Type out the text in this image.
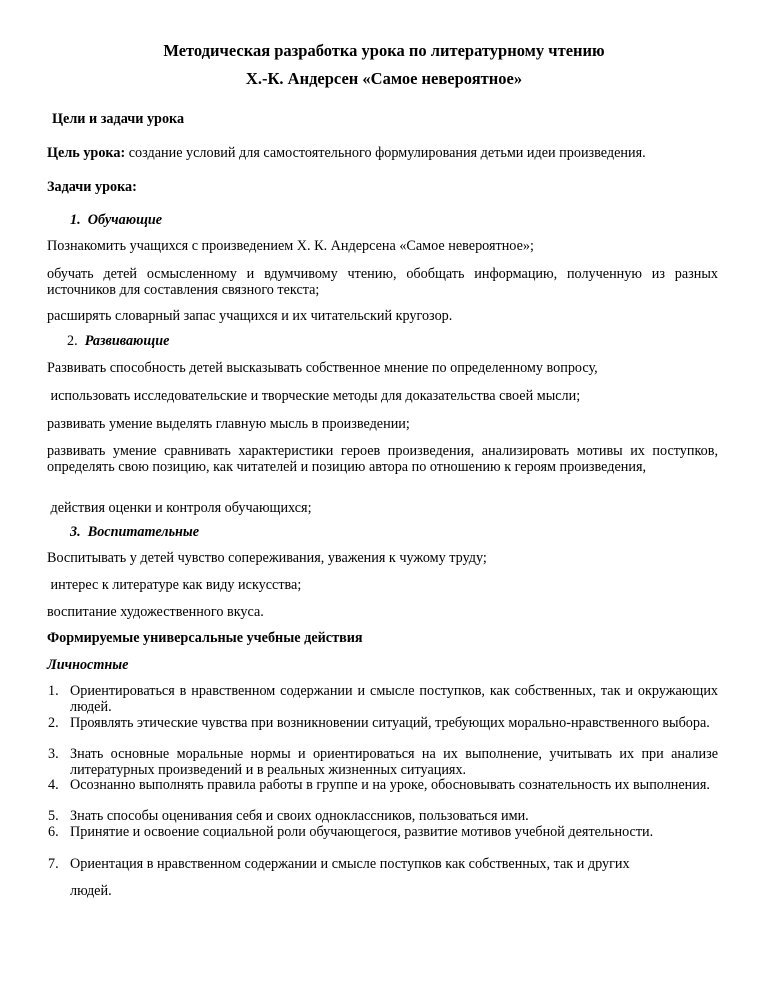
Методическая разработка урока по литературному чтению
Х.-К. Андерсен «Самое невероятное»
Цели и задачи урока
Цель урока: создание условий для самостоятельного формулирования детьми идеи произведения.
Задачи урока:
1. Обучающие
Познакомить учащихся с произведением Х. К. Андерсена «Самое невероятное»;
обучать детей осмысленному и вдумчивому чтению, обобщать информацию, полученную из разных источников для составления связного текста;
расширять словарный запас учащихся и их читательский кругозор.
2. Развивающие
Развивать способность детей высказывать собственное мнение по определенному вопросу,
использовать исследовательские и творческие методы для доказательства своей мысли;
развивать умение выделять главную мысль в произведении;
развивать умение сравнивать характеристики героев произведения, анализировать мотивы их поступков, определять свою позицию, как читателей и позицию автора по отношению к героям произведения,
действия оценки и контроля обучающихся;
3. Воспитательные
Воспитывать у детей чувство сопереживания, уважения к чужому труду;
интерес к литературе как виду искусства;
воспитание художественного вкуса.
Формируемые универсальные учебные действия
Личностные
1. Ориентироваться в нравственном содержании и смысле поступков, как собственных, так и окружающих людей.
2. Проявлять этические чувства при возникновении ситуаций, требующих морально-нравственного выбора.
3. Знать основные моральные нормы и ориентироваться на их выполнение, учитывать их при анализе литературных произведений и в реальных жизненных ситуациях.
4. Осознанно выполнять правила работы в группе и на уроке, обосновывать сознательность их выполнения.
5. Знать способы оценивания себя и своих одноклассников, пользоваться ими.
6. Принятие и освоение социальной роли обучающегося, развитие мотивов учебной деятельности.
7. Ориентация в нравственном содержании и смысле поступков как собственных, так и других
людей.
